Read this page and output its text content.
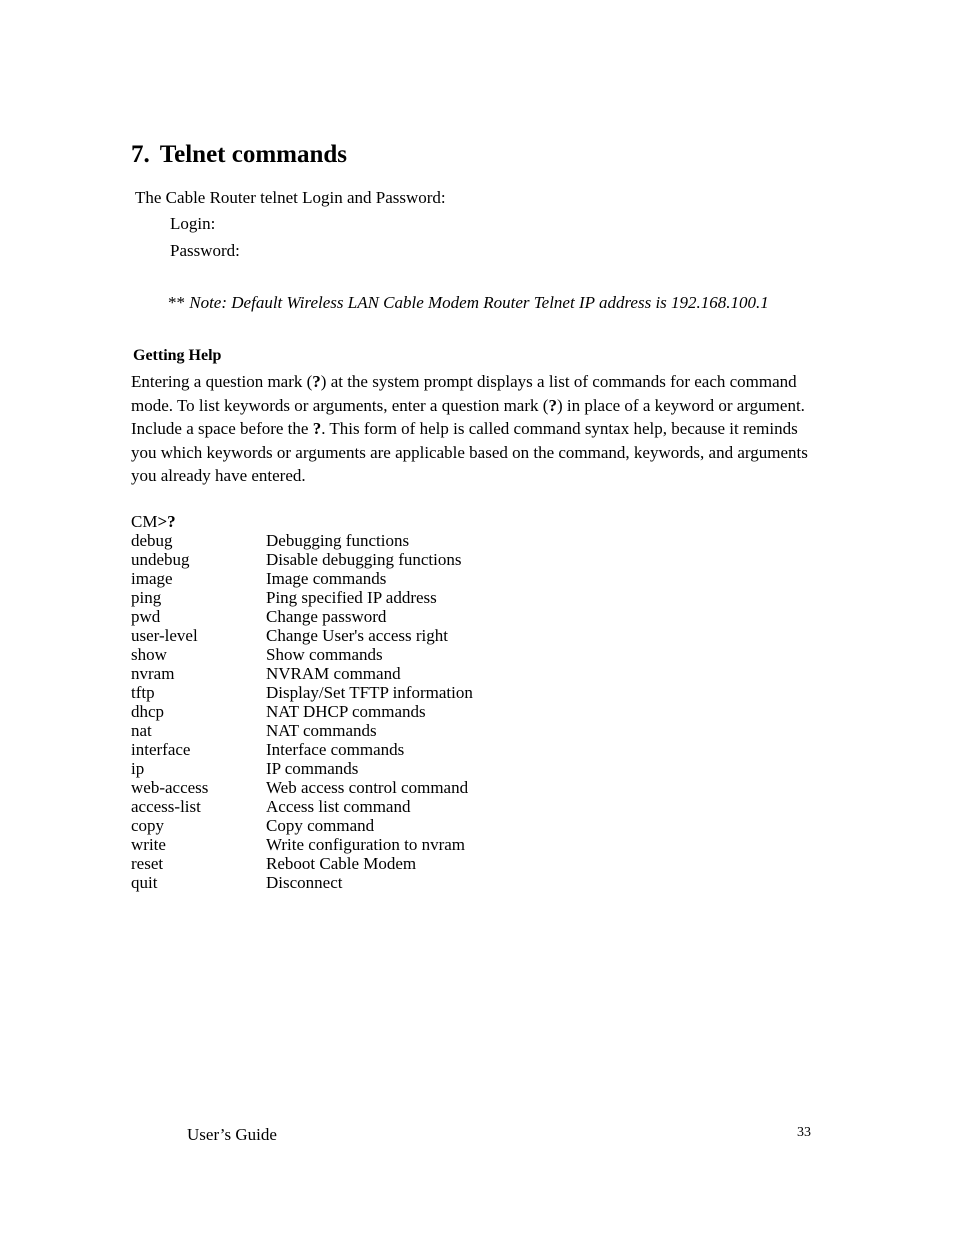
7. Telnet commands
The Cable Router telnet Login and Password:
Login:
Password:
** Note: Default Wireless LAN Cable Modem Router Telnet IP address is 192.168.100.1
Getting Help
Entering a question mark (?) at the system prompt displays a list of commands for each command
mode. To list keywords or arguments, enter a question mark (?) in place of a keyword or argument.
Include a space before the ?. This form of help is called command syntax help, because it reminds
you which keywords or arguments are applicable based on the command, keywords, and arguments
you already have entered.
CM>?
debug	Debugging functions
undebug	Disable debugging functions
image	Image commands
ping	Ping specified IP address
pwd	Change password
user-level	Change User's access right
show	Show commands
nvram	NVRAM command
tftp	Display/Set TFTP information
dhcp	NAT DHCP commands
nat	NAT commands
interface	Interface commands
ip	IP commands
web-access	Web access control command
access-list	Access list command
copy	Copy command
write	Write configuration to nvram
reset	Reboot Cable Modem
quit	Disconnect
User’s Guide	33
